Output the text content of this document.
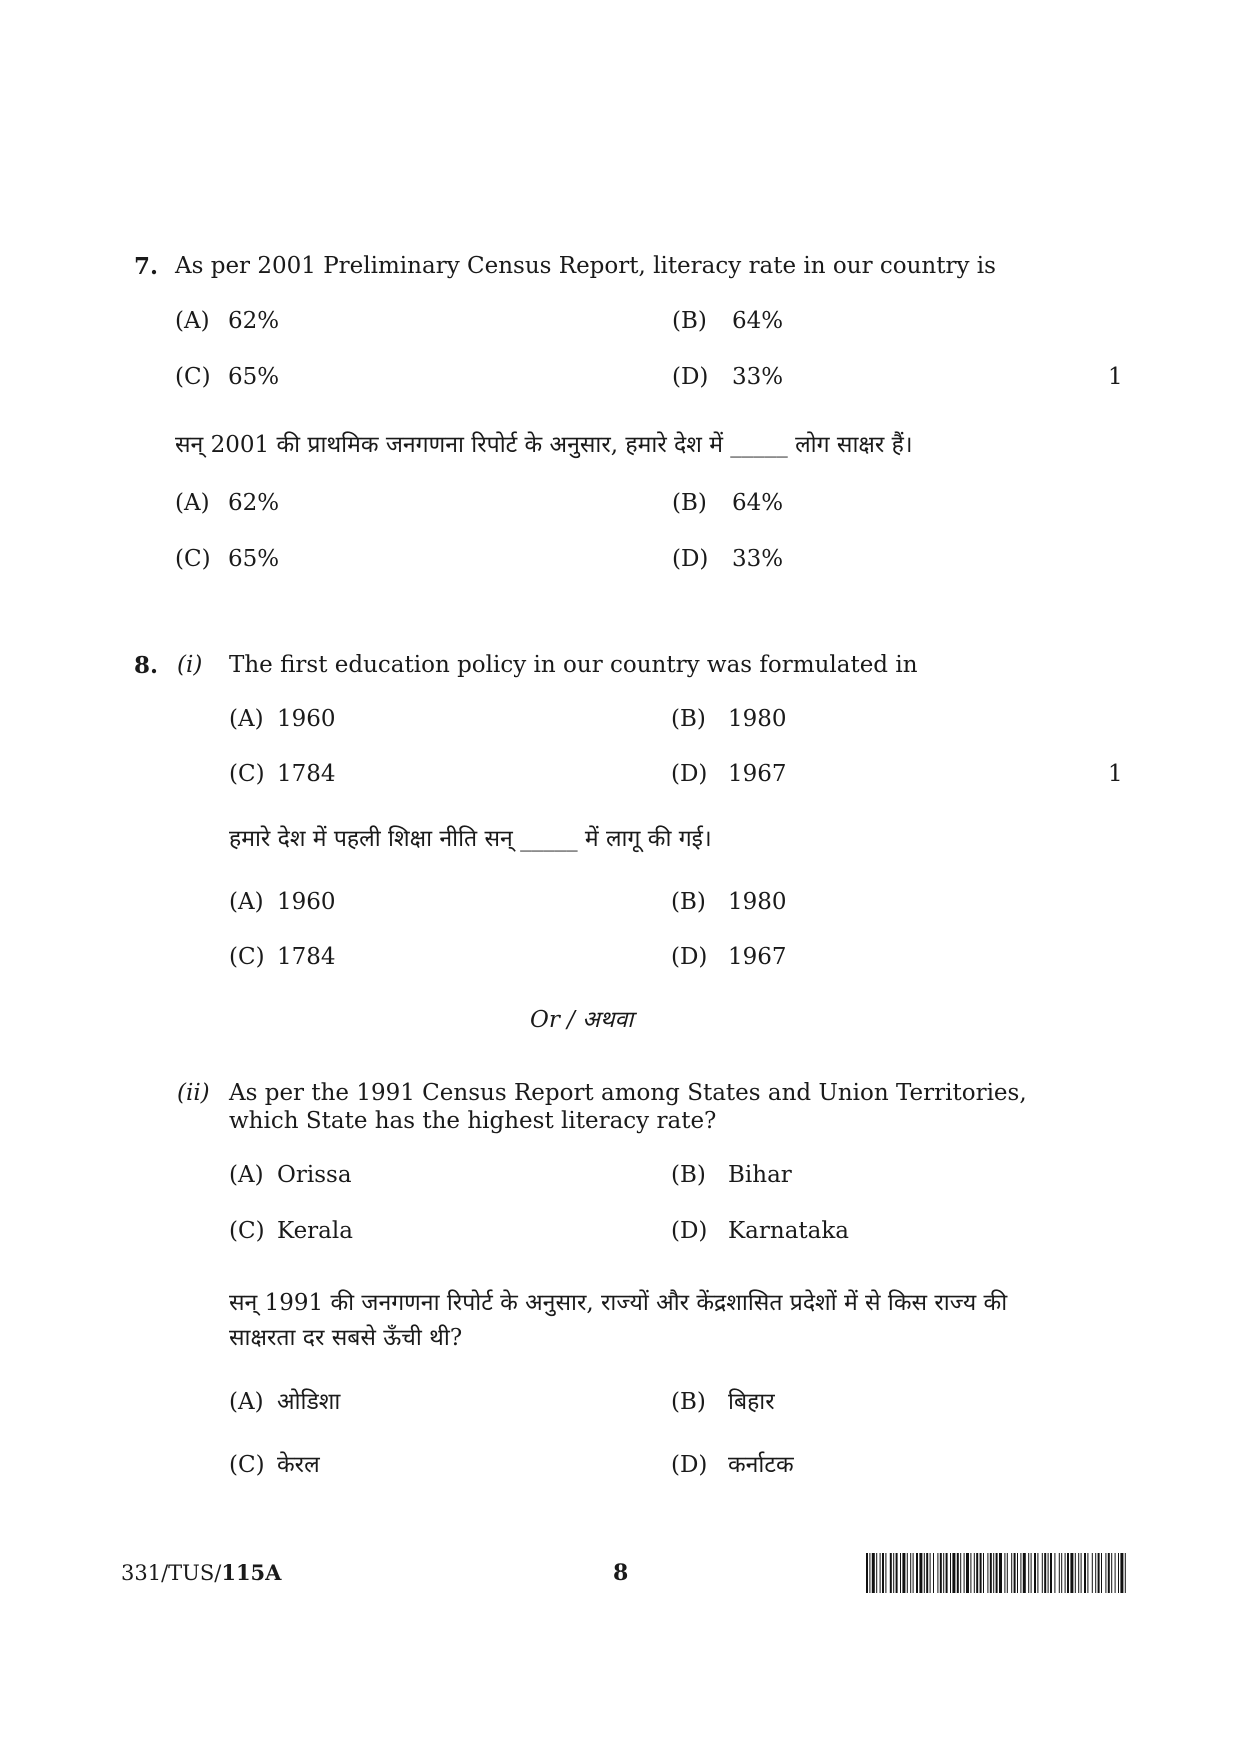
7. As per 2001 Preliminary Census Report, literacy rate in our country is
(A) 62%	(B) 64%
(C) 65%	(D) 33%	1
सन् 2001 की प्राथमिक जनगणना रिपोर्ट के अनुसार, हमारे देश में _____ लोग साक्षर हैं।
(A) 62%	(B) 64%
(C) 65%	(D) 33%
8. (i) The first education policy in our country was formulated in
(A) 1960	(B) 1980
(C) 1784	(D) 1967	1
हमारे देश में पहली शिक्षा नीति सन् _____ में लागू की गई।
(A) 1960	(B) 1980
(C) 1784	(D) 1967
Or / अथवा
(ii) As per the 1991 Census Report among States and Union Territories,
which State has the highest literacy rate?
(A) Orissa	(B) Bihar
(C) Kerala	(D) Karnataka
सन् 1991 की जनगणना रिपोर्ट के अनुसार, राज्यों और केंद्रशासित प्रदेशों में से किस राज्य की
साक्षरता दर सबसे ऊँची थी?
(A) ओडिशा	(B) बिहार
(C) केरल	(D) कर्नाटक
331/TUS/115A	8
